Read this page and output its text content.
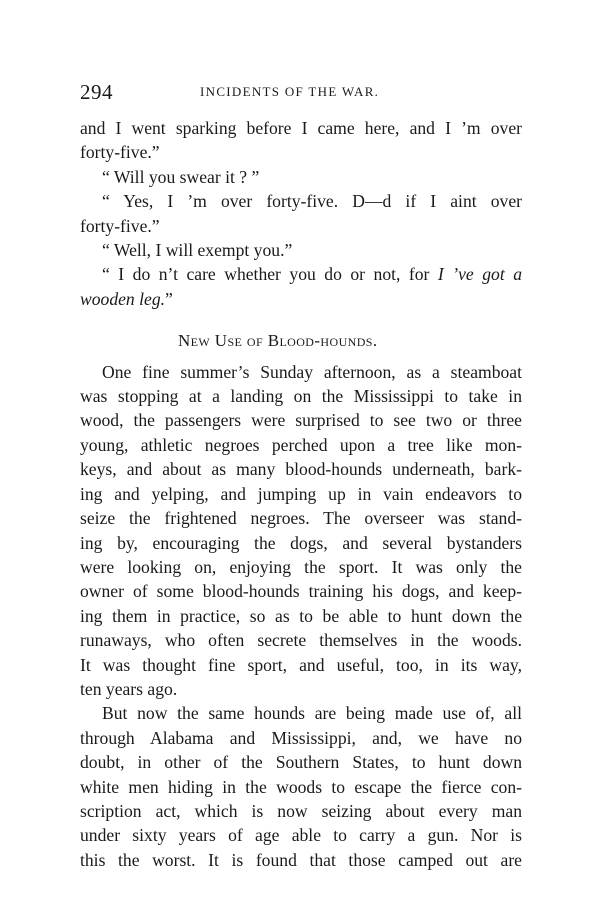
294	INCIDENTS OF THE WAR.
and I went sparking before I came here, and I ’m over
forty-five.”
“ Will you swear it ? ”
“ Yes, I ’m over forty-five. D—d if I aint over
forty-five.”
“ Well, I will exempt you.”
“ I do n’t care whether you do or not, for I ’ve got a
wooden leg.”
New Use of Blood-hounds.
One fine summer’s Sunday afternoon, as a steamboat
was stopping at a landing on the Mississippi to take in
wood, the passengers were surprised to see two or three
young, athletic negroes perched upon a tree like mon-
keys, and about as many blood-hounds underneath, bark-
ing and yelping, and jumping up in vain endeavors to
seize the frightened negroes. The overseer was stand-
ing by, encouraging the dogs, and several bystanders
were looking on, enjoying the sport. It was only the
owner of some blood-hounds training his dogs, and keep-
ing them in practice, so as to be able to hunt down the
runaways, who often secrete themselves in the woods.
It was thought fine sport, and useful, too, in its way,
ten years ago.
But now the same hounds are being made use of, all
through Alabama and Mississippi, and, we have no
doubt, in other of the Southern States, to hunt down
white men hiding in the woods to escape the fierce con-
scription act, which is now seizing about every man
under sixty years of age able to carry a gun. Nor is
this the worst. It is found that those camped out are
